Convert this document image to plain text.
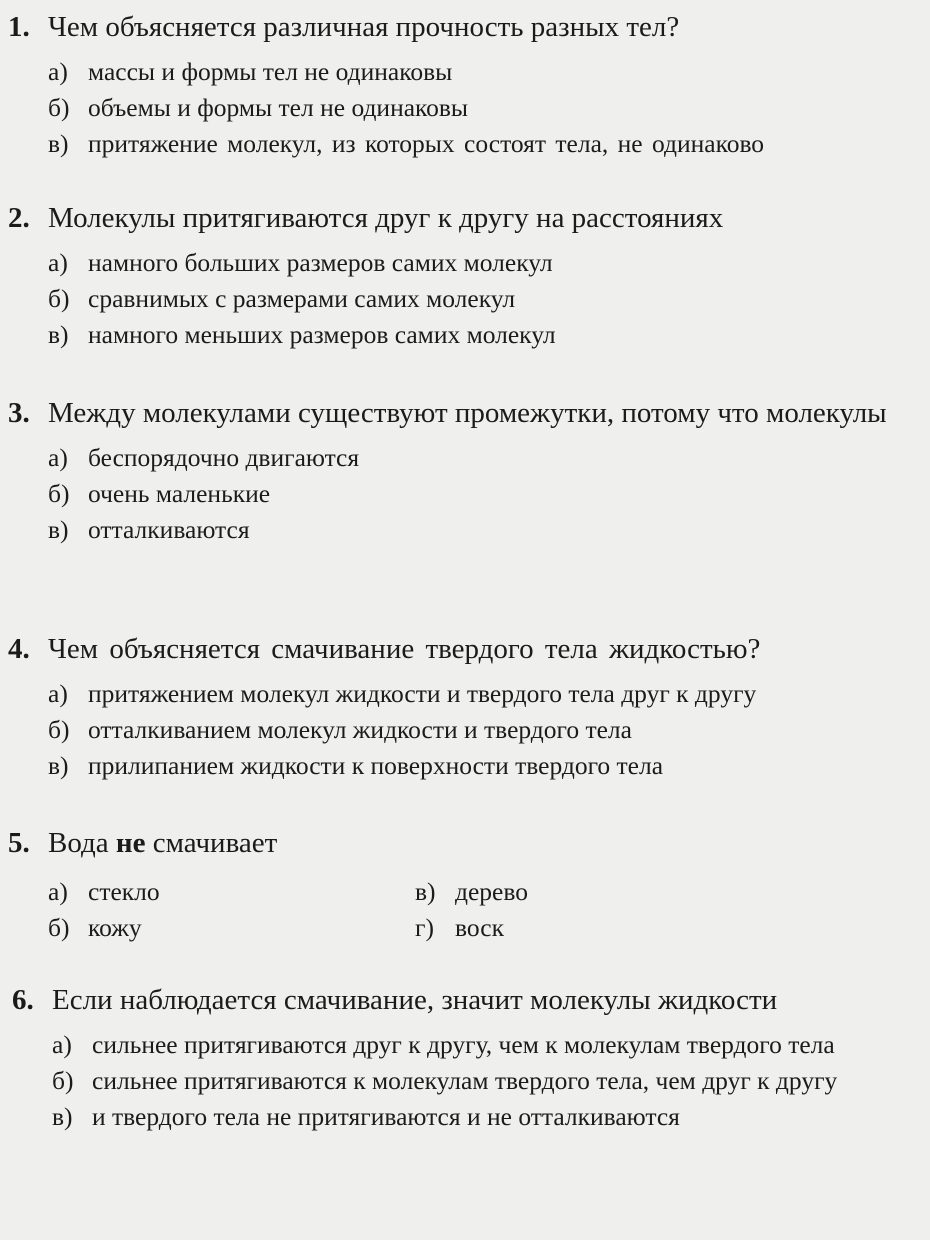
1. Чем объясняется различная прочность разных тел?
а) массы и формы тел не одинаковы
б) объемы и формы тел не одинаковы
в) притяжение молекул, из которых состоят тела, не одинаково
2. Молекулы притягиваются друг к другу на расстояниях
а) намного больших размеров самих молекул
б) сравнимых с размерами самих молекул
в) намного меньших размеров самих молекул
3. Между молекулами существуют промежутки, потому что молекулы
а) беспорядочно двигаются
б) очень маленькие
в) отталкиваются
4. Чем объясняется смачивание твердого тела жидкостью?
а) притяжением молекул жидкости и твердого тела друг к другу
б) отталкиванием молекул жидкости и твердого тела
в) прилипанием жидкости к поверхности твердого тела
5. Вода не смачивает
а) стекло	в) дерево
б) кожу	г) воск
6. Если наблюдается смачивание, значит молекулы жидкости
а) сильнее притягиваются друг к другу, чем к молекулам твердого тела
б) сильнее притягиваются к молекулам твердого тела, чем друг к другу
в) и твердого тела не притягиваются и не отталкиваются
